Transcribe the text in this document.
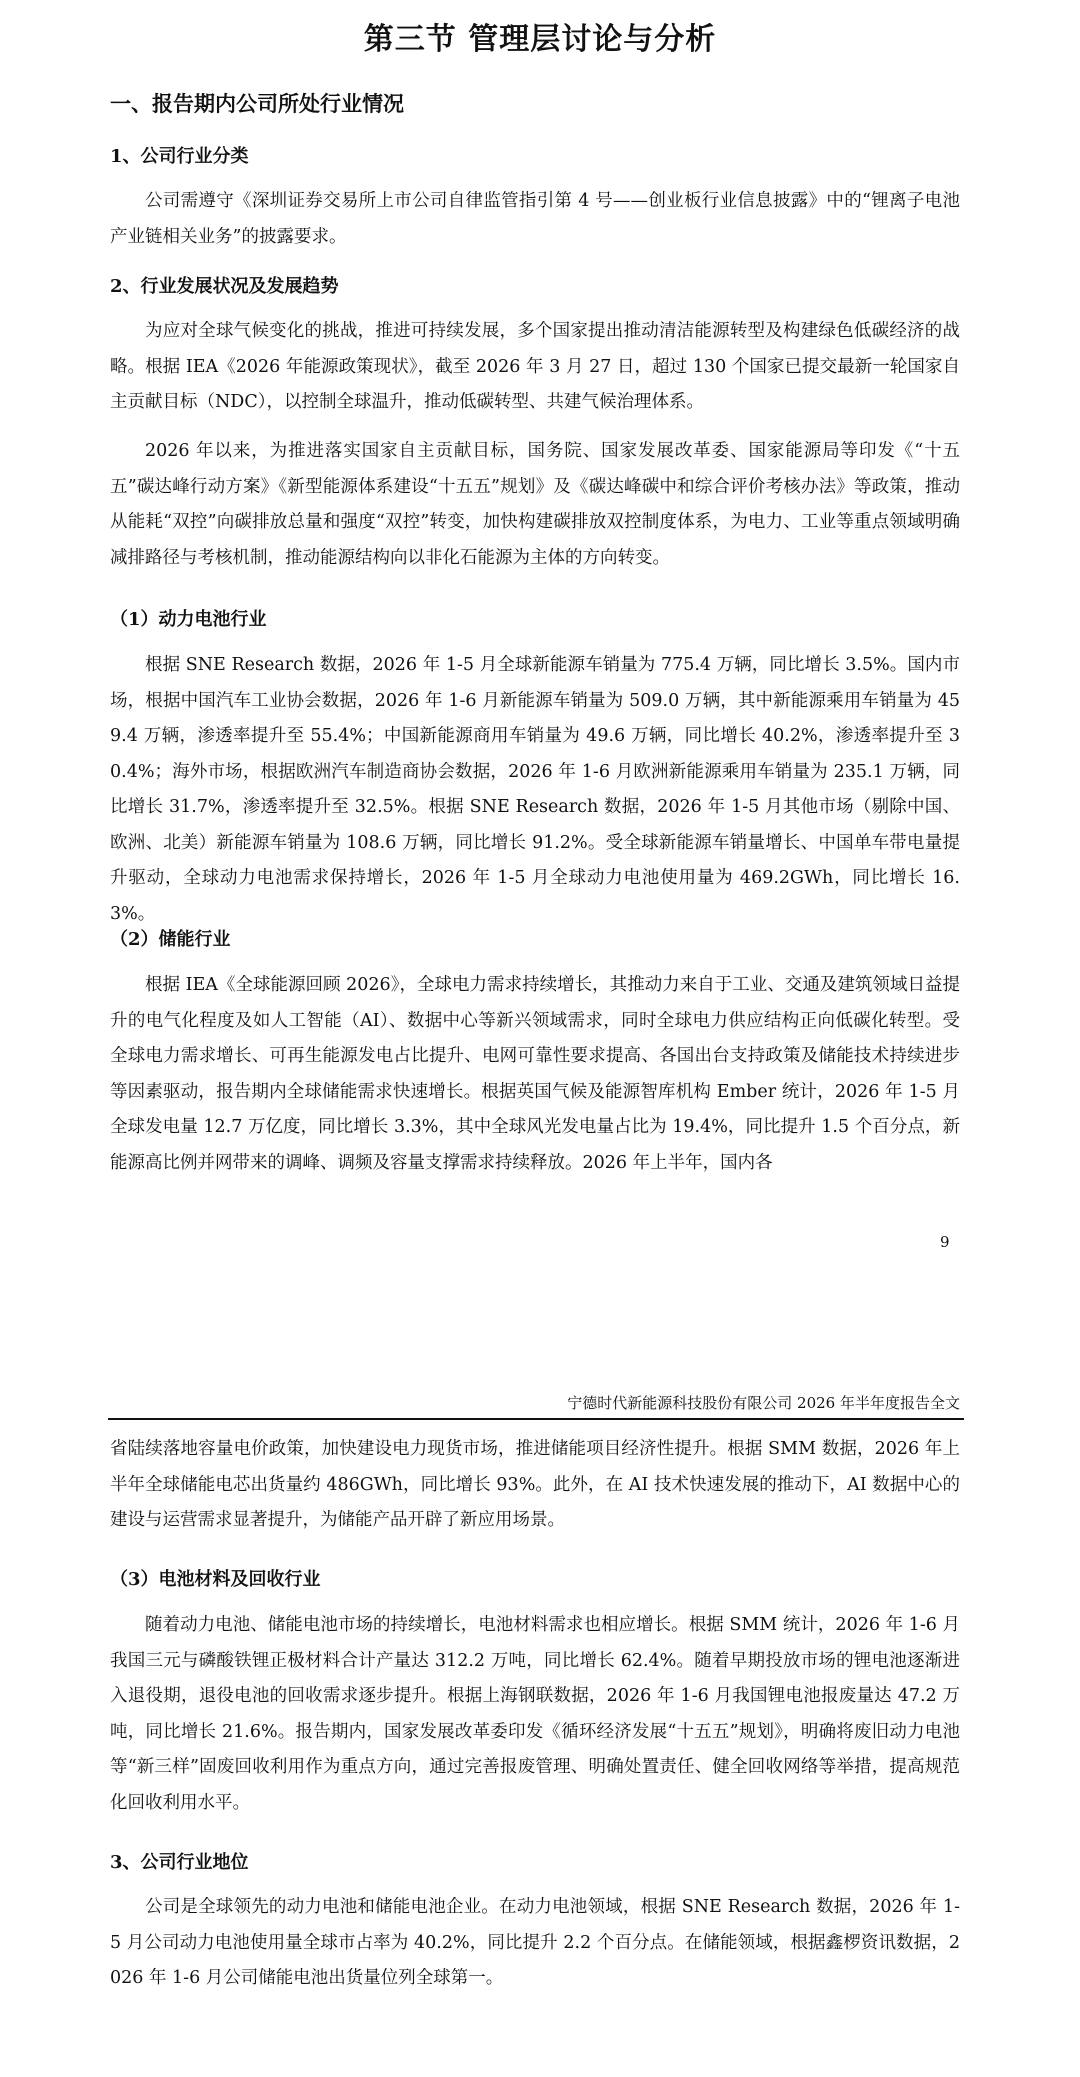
第三节 管理层讨论与分析

一、报告期内公司所处行业情况

1、公司行业分类

公司需遵守《深圳证券交易所上市公司自律监管指引第 4 号——创业板行业信息披露》中的“锂离子电池产业链相关业务”的披露要求。

2、行业发展状况及发展趋势

为应对全球气候变化的挑战，推进可持续发展，多个国家提出推动清洁能源转型及构建绿色低碳经济的战略。根据 IEA《2026 年能源政策现状》，截至 2026 年 3 月 27 日，超过 130 个国家已提交最新一轮国家自主贡献目标（NDC），以控制全球温升，推动低碳转型、共建气候治理体系。

2026 年以来，为推进落实国家自主贡献目标，国务院、国家发展改革委、国家能源局等印发《“十五五”碳达峰行动方案》《新型能源体系建设“十五五”规划》及《碳达峰碳中和综合评价考核办法》等政策，推动从能耗“双控”向碳排放总量和强度“双控”转变，加快构建碳排放双控制度体系，为电力、工业等重点领域明确减排路径与考核机制，推动能源结构向以非化石能源为主体的方向转变。

（1）动力电池行业

根据 SNE Research 数据，2026 年 1-5 月全球新能源车销量为 775.4 万辆，同比增长 3.5%。国内市场，根据中国汽车工业协会数据，2026 年 1-6 月新能源车销量为 509.0 万辆，其中新能源乘用车销量为 459.4 万辆，渗透率提升至 55.4%；中国新能源商用车销量为 49.6 万辆，同比增长 40.2%，渗透率提升至 30.4%；海外市场，根据欧洲汽车制造商协会数据，2026 年 1-6 月欧洲新能源乘用车销量为 235.1 万辆，同比增长 31.7%，渗透率提升至 32.5%。根据 SNE Research 数据，2026 年 1-5 月其他市场（剔除中国、欧洲、北美）新能源车销量为 108.6 万辆，同比增长 91.2%。受全球新能源车销量增长、中国单车带电量提升驱动，全球动力电池需求保持增长，2026 年 1-5 月全球动力电池使用量为 469.2GWh，同比增长 16.3%。

（2）储能行业

根据 IEA《全球能源回顾 2026》，全球电力需求持续增长，其推动力来自于工业、交通及建筑领域日益提升的电气化程度及如人工智能（AI）、数据中心等新兴领域需求，同时全球电力供应结构正向低碳化转型。受全球电力需求增长、可再生能源发电占比提升、电网可靠性要求提高、各国出台支持政策及储能技术持续进步等因素驱动，报告期内全球储能需求快速增长。根据英国气候及能源智库机构 Ember 统计，2026 年 1-5 月全球发电量 12.7 万亿度，同比增长 3.3%，其中全球风光发电量占比为 19.4%，同比提升 1.5 个百分点，新能源高比例并网带来的调峰、调频及容量支撑需求持续释放。2026 年上半年，国内各

9
宁德时代新能源科技股份有限公司 2026 年半年度报告全文

省陆续落地容量电价政策，加快建设电力现货市场，推进储能项目经济性提升。根据 SMM 数据，2026 年上半年全球储能电芯出货量约 486GWh，同比增长 93%。此外，在 AI 技术快速发展的推动下，AI 数据中心的建设与运营需求显著提升，为储能产品开辟了新应用场景。

（3）电池材料及回收行业

随着动力电池、储能电池市场的持续增长，电池材料需求也相应增长。根据 SMM 统计，2026 年 1-6 月我国三元与磷酸铁锂正极材料合计产量达 312.2 万吨，同比增长 62.4%。随着早期投放市场的锂电池逐渐进入退役期，退役电池的回收需求逐步提升。根据上海钢联数据，2026 年 1-6 月我国锂电池报废量达 47.2 万吨，同比增长 21.6%。报告期内，国家发展改革委印发《循环经济发展“十五五”规划》，明确将废旧动力电池等“新三样”固废回收利用作为重点方向，通过完善报废管理、明确处置责任、健全回收网络等举措，提高规范化回收利用水平。

3、公司行业地位

公司是全球领先的动力电池和储能电池企业。在动力电池领域，根据 SNE Research 数据，2026 年 1-5 月公司动力电池使用量全球市占率为 40.2%，同比提升 2.2 个百分点。在储能领域，根据鑫椤资讯数据，2026 年 1-6 月公司储能电池出货量位列全球第一。
